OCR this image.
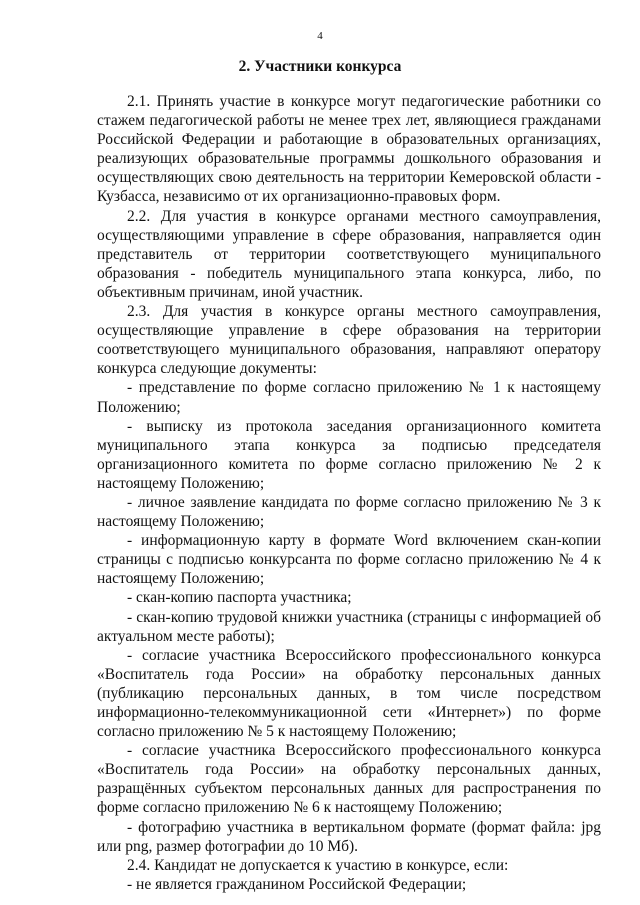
4
2. Участники конкурса

2.1. Принять участие в конкурсе могут педагогические работники со стажем педагогической работы не менее трех лет, являющиеся гражданами Российской Федерации и работающие в образовательных организациях, реализующих образовательные программы дошкольного образования и осуществляющих свою деятельность на территории Кемеровской области - Кузбасса, независимо от их организационно-правовых форм.

2.2. Для участия в конкурсе органами местного самоуправления, осуществляющими управление в сфере образования, направляется один представитель от территории соответствующего муниципального образования - победитель муниципального этапа конкурса, либо, по объективным причинам, иной участник.

2.3. Для участия в конкурсе органы местного самоуправления, осуществляющие управление в сфере образования на территории соответствующего муниципального образования, направляют оператору конкурса следующие документы:

- представление по форме согласно приложению № 1 к настоящему Положению;

- выписку из протокола заседания организационного комитета муниципального этапа конкурса за подписью председателя организационного комитета по форме согласно приложению № 2 к настоящему Положению;

- личное заявление кандидата по форме согласно приложению № 3 к настоящему Положению;

- информационную карту в формате Word включением скан-копии страницы с подписью конкурсанта по форме согласно приложению № 4 к настоящему Положению;

- скан-копию паспорта участника;

- скан-копию трудовой книжки участника (страницы с информацией об актуальном месте работы);

- согласие участника Всероссийского профессионального конкурса «Воспитатель года России» на обработку персональных данных (публикацию персональных данных, в том числе посредством информационно-телекоммуникационной сети «Интернет») по форме согласно приложению № 5 к настоящему Положению;

- согласие участника Всероссийского профессионального конкурса «Воспитатель года России» на обработку персональных данных, разращённых субъектом персональных данных для распространения по форме согласно приложению № 6 к настоящему Положению;

- фотографию участника в вертикальном формате (формат файла: jpg или png, размер фотографии до 10 Мб).

2.4. Кандидат не допускается к участию в конкурсе, если:

- не является гражданином Российской Федерации;
